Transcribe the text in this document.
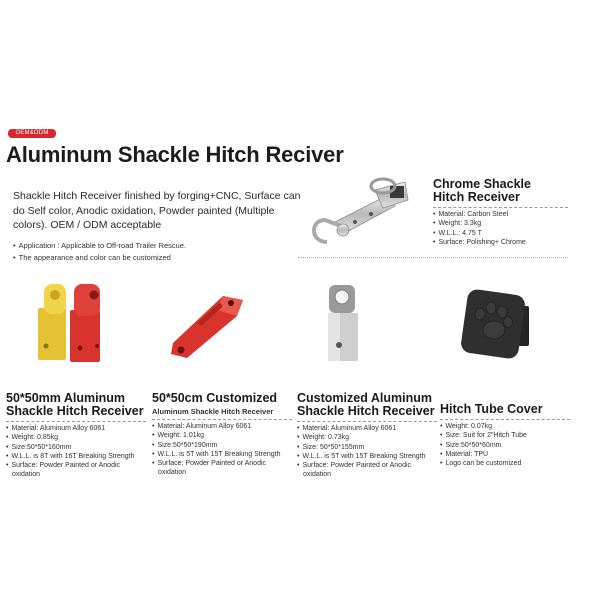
OEM&ODM
Aluminum Shackle Hitch Reciver
Shackle Hitch Receiver finished by forging+CNC, Surface can do Self color, Anodic oxidation, Powder painted (Multiple colors). OEM / ODM acceptable
• Application : Applicable to Off-road Trailer Rescue.
• The appearance and color can be customized
Chrome Shackle
Hitch Receiver
• Material: Carbon Steel
• Weight: 3.3kg
• W.L.L.: 4.75 T
• Surface: Polishing+ Chrome
50*50mm Aluminum
Shackle Hitch Receiver
• Material: Aluminum Alloy 6061
• Weight: 0.85kg
• Size:50*50*160mm
• W.L.L. is 8T with 16T Breaking Strength
• Surface: Powder Painted or Anodic
oxidation
50*50cm Customized
Aluminum Shackle Hitch Receiver
• Material: Aluminum Alloy 6061
• Weight: 1.01kg
• Size:50*50*190mm
• W.L.L. is 5T with 15T Breaking Strength
• Surface: Powder Painted or Anodic
oxidation
Customized Aluminum
Shackle Hitch Receiver
• Material: Aluminum Alloy 6061
• Weight: 0.73kg
• Size: 50*50*155mm
• W.L.L. is 5T with 15T Breaking Strength
• Surface: Powder Painted or Anodic
oxidation
Hitch Tube Cover
• Weight: 0.07kg
• Size: Suit for 2"Hitch Tube
• Size:50*50*60mm
• Material: TPU
• Logo can be customized
